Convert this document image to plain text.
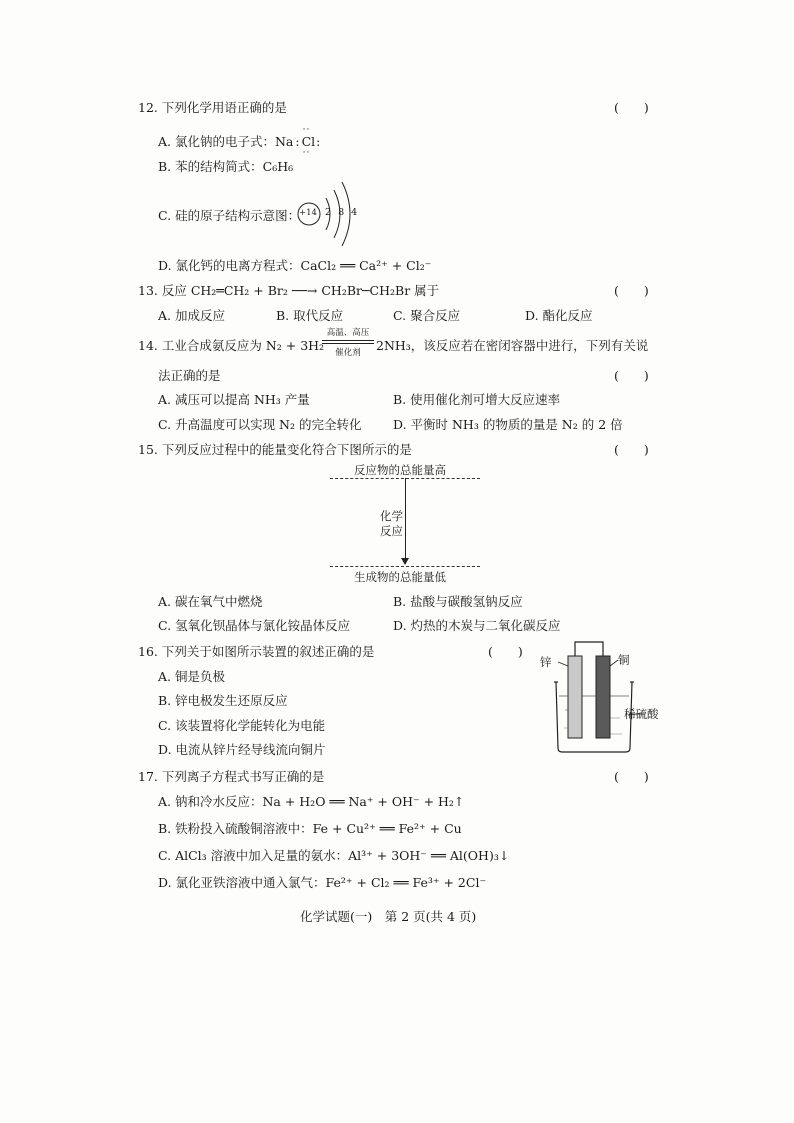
12. 下列化学用语正确的是	(　　)
A. 氯化钠的电子式：Na :
··
Cl
··
:
B. 苯的结构简式：C₆H₆
C. 硅的原子结构示意图：
+14 2 8 4
D. 氯化钙的电离方程式：CaCl₂ ══ Ca²⁺ + Cl₂⁻
13. 反应 CH₂═CH₂ + Br₂ ──→ CH₂Br─CH₂Br 属于	(　　)
A. 加成反应	B. 取代反应	C. 聚合反应	D. 酯化反应
14. 工业合成氨反应为 N₂ + 3H₂
高温、高压
催化剂	2NH₃，该反应若在密闭容器中进行，下列有关说
法正确的是	(　　)
A. 减压可以提高 NH₃ 产量	B. 使用催化剂可增大反应速率
C. 升高温度可以实现 N₂ 的完全转化	D. 平衡时 NH₃ 的物质的量是 N₂ 的 2 倍
15. 下列反应过程中的能量变化符合下图所示的是	(　　)
反应物的总能量高
化学
反应
生成物的总能量低
A. 碳在氧气中燃烧	B. 盐酸与碳酸氢钠反应
C. 氢氧化钡晶体与氯化铵晶体反应	D. 灼热的木炭与二氧化碳反应
16. 下列关于如图所示装置的叙述正确的是	(　　)
A. 铜是负极
B. 锌电极发生还原反应
C. 该装置将化学能转化为电能
D. 电流从锌片经导线流向铜片
锌	铜
稀硫酸
17. 下列离子方程式书写正确的是	(　　)
A. 钠和冷水反应：Na + H₂O ══ Na⁺ + OH⁻ + H₂↑
B. 铁粉投入硫酸铜溶液中：Fe + Cu²⁺ ══ Fe²⁺ + Cu
C. AlCl₃ 溶液中加入足量的氨水：Al³⁺ + 3OH⁻ ══ Al(OH)₃↓
D. 氯化亚铁溶液中通入氯气：Fe²⁺ + Cl₂ ══ Fe³⁺ + 2Cl⁻
化学试题(一)　第 2 页(共 4 页)
